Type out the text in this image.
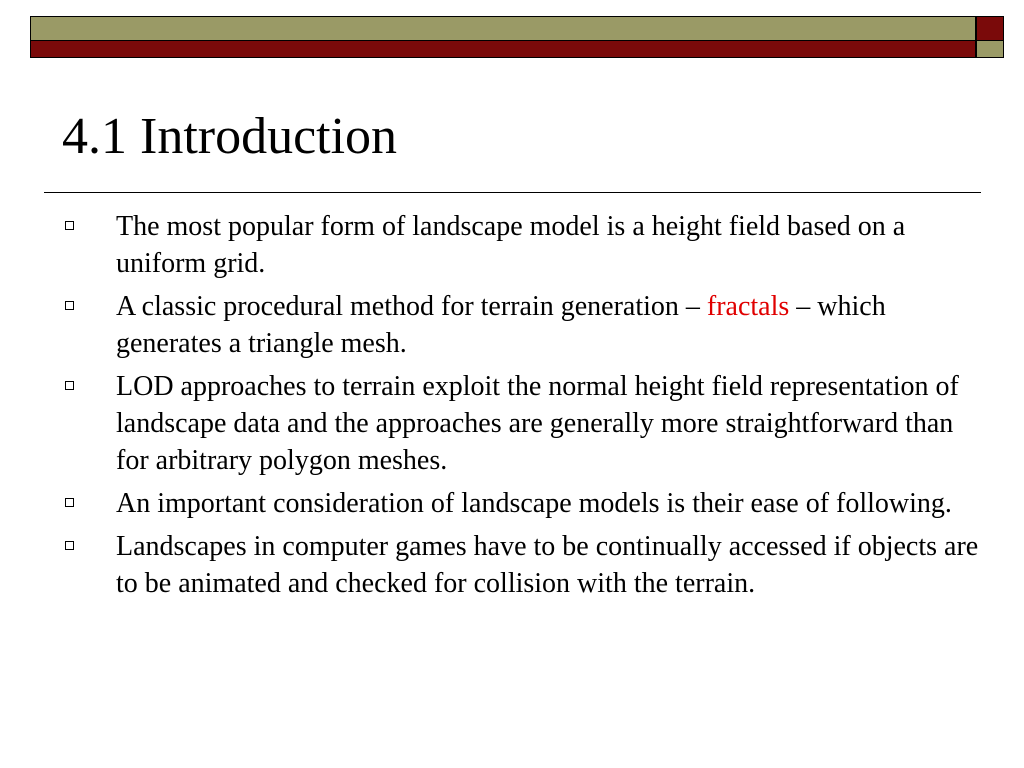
4.1 Introduction
The most popular form of landscape model is a height field based on a uniform grid.
A classic procedural method for terrain generation – fractals – which generates a triangle mesh.
LOD approaches to terrain exploit the normal height field representation of landscape data and the approaches are generally more straightforward than for arbitrary polygon meshes.
An important consideration of landscape models is their ease of following.
Landscapes in computer games have to be continually accessed if objects are to be animated and checked for collision with the terrain.
